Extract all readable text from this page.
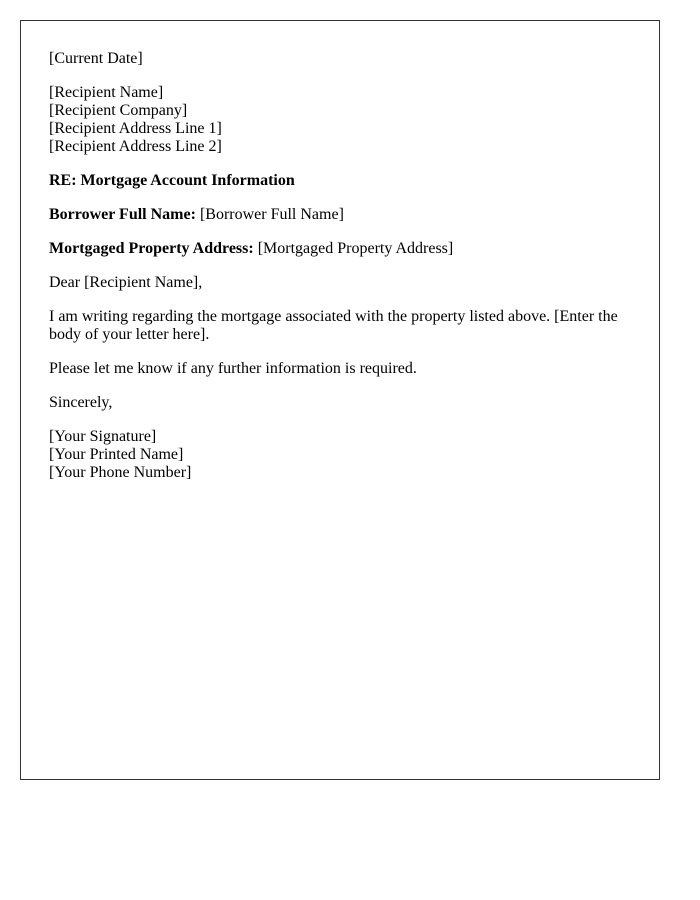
[Current Date]
[Recipient Name]
[Recipient Company]
[Recipient Address Line 1]
[Recipient Address Line 2]
RE: Mortgage Account Information
Borrower Full Name: [Borrower Full Name]
Mortgaged Property Address: [Mortgaged Property Address]
Dear [Recipient Name],
I am writing regarding the mortgage associated with the property listed above. [Enter the body of your letter here].
Please let me know if any further information is required.
Sincerely,
[Your Signature]
[Your Printed Name]
[Your Phone Number]
